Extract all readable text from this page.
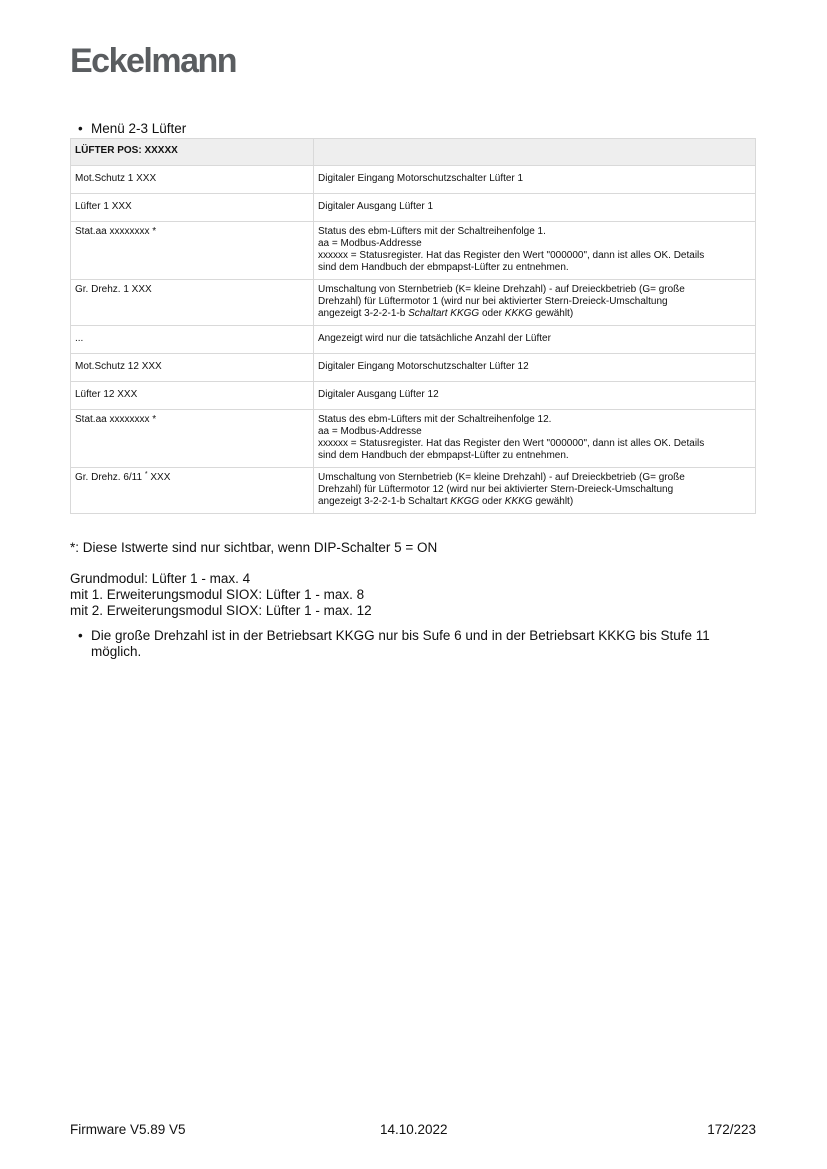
Eckelmann
• Menü 2-3 Lüfter
LÜFTER POS: XXXXX	
Mot.Schutz 1 XXX	Digitaler Eingang Motorschutzschalter Lüfter 1
Lüfter 1 XXX	Digitaler Ausgang Lüfter 1
Stat.aa xxxxxxxx *	Status des ebm-Lüfters mit der Schaltreihenfolge 1.
aa = Modbus-Addresse
xxxxxx = Statusregister. Hat das Register den Wert "000000", dann ist alles OK. Details
sind dem Handbuch der ebmpapst-Lüfter zu entnehmen.

Gr. Drehz. 1 XXX	Umschaltung von Sternbetrieb (K= kleine Drehzahl) - auf Dreieckbetrieb (G= große
Drehzahl) für Lüftermotor 1 (wird nur bei aktivierter Stern-Dreieck-Umschaltung
angezeigt 3-2-2-1-b Schaltart KKGG oder KKKG gewählt)

...	Angezeigt wird nur die tatsächliche Anzahl der Lüfter
Mot.Schutz 12 XXX	Digitaler Eingang Motorschutzschalter Lüfter 12
Lüfter 12 XXX	Digitaler Ausgang Lüfter 12
Stat.aa xxxxxxxx *	Status des ebm-Lüfters mit der Schaltreihenfolge 12.
aa = Modbus-Addresse
xxxxxx = Statusregister. Hat das Register den Wert "000000", dann ist alles OK. Details
sind dem Handbuch der ebmpapst-Lüfter zu entnehmen.

Gr. Drehz. 6/11 * XXX	Umschaltung von Sternbetrieb (K= kleine Drehzahl) - auf Dreieckbetrieb (G= große
Drehzahl) für Lüftermotor 12 (wird nur bei aktivierter Stern-Dreieck-Umschaltung
angezeigt 3-2-2-1-b Schaltart KKGG oder KKKG gewählt)
*: Diese Istwerte sind nur sichtbar, wenn DIP-Schalter 5 = ON
Grundmodul: Lüfter 1 - max. 4
mit 1. Erweiterungsmodul SIOX: Lüfter 1 - max. 8
mit 2. Erweiterungsmodul SIOX: Lüfter 1 - max. 12
• Die große Drehzahl ist in der Betriebsart KKGG nur bis Sufe 6 und in der Betriebsart KKKG bis Stufe 11 möglich.
Firmware V5.89 V5	14.10.2022	172/223
